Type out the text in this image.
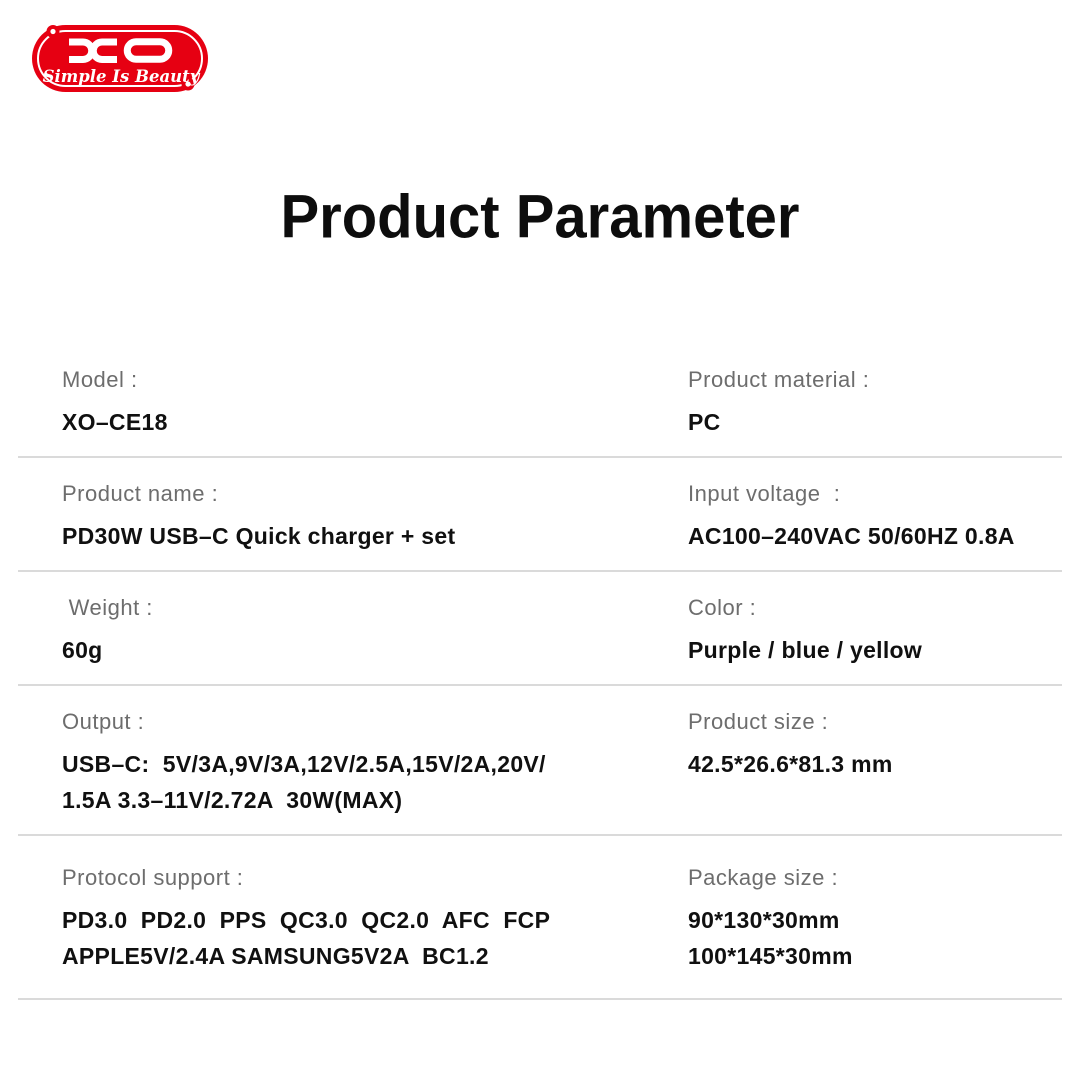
Simple Is Beauty
Product Parameter
Model :
XO–CE18
Product material :
PC
Product name :
PD30W USB–C Quick charger + set
Input voltage  :
AC100–240VAC 50/60HZ 0.8A
Weight :
60g
Color :
Purple / blue / yellow
Output :
USB–C:  5V/3A,9V/3A,12V/2.5A,15V/2A,20V/
1.5A 3.3–11V/2.72A  30W(MAX)
Product size :
42.5*26.6*81.3 mm
Protocol support :
PD3.0  PD2.0  PPS  QC3.0  QC2.0  AFC  FCP
APPLE5V/2.4A SAMSUNG5V2A  BC1.2
Package size :
90*130*30mm
100*145*30mm
